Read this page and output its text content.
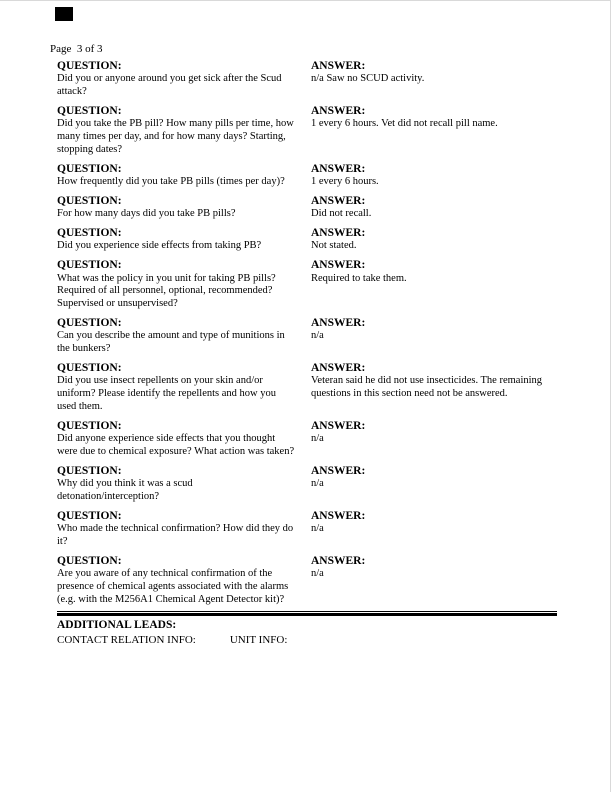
Page  3 of 3
QUESTION:
Did you or anyone around you get sick after the Scud attack?
ANSWER:
n/a Saw no SCUD activity.
QUESTION:
Did you take the PB pill? How many pills per time, how many times per day, and for how many days? Starting, stopping dates?
ANSWER:
1 every 6 hours. Vet did not recall pill name.
QUESTION:
How frequently did you take PB pills (times per day)?
ANSWER:
1 every 6 hours.
QUESTION:
For how many days did you take PB pills?
ANSWER:
Did not recall.
QUESTION:
Did you experience side effects from taking PB?
ANSWER:
Not stated.
QUESTION:
What was the policy in you unit for taking PB pills? Required of all personnel, optional, recommended? Supervised or unsupervised?
ANSWER:
Required to take them.
QUESTION:
Can you describe the amount and type of munitions in the bunkers?
ANSWER:
n/a
QUESTION:
Did you use insect repellents on your skin and/or uniform? Please identify the repellents and how you used them.
ANSWER:
Veteran said he did not use insecticides. The remaining questions in this section need not be answered.
QUESTION:
Did anyone experience side effects that you thought were due to chemical exposure? What action was taken?
ANSWER:
n/a
QUESTION:
Why did you think it was a scud detonation/interception?
ANSWER:
n/a
QUESTION:
Who made the technical confirmation? How did they do it?
ANSWER:
n/a
QUESTION:
Are you aware of any technical confirmation of the presence of chemical agents associated with the alarms (e.g. with the M256A1 Chemical Agent Detector kit)?
ANSWER:
n/a
ADDITIONAL LEADS:
CONTACT RELATION INFO:	UNIT INFO:
